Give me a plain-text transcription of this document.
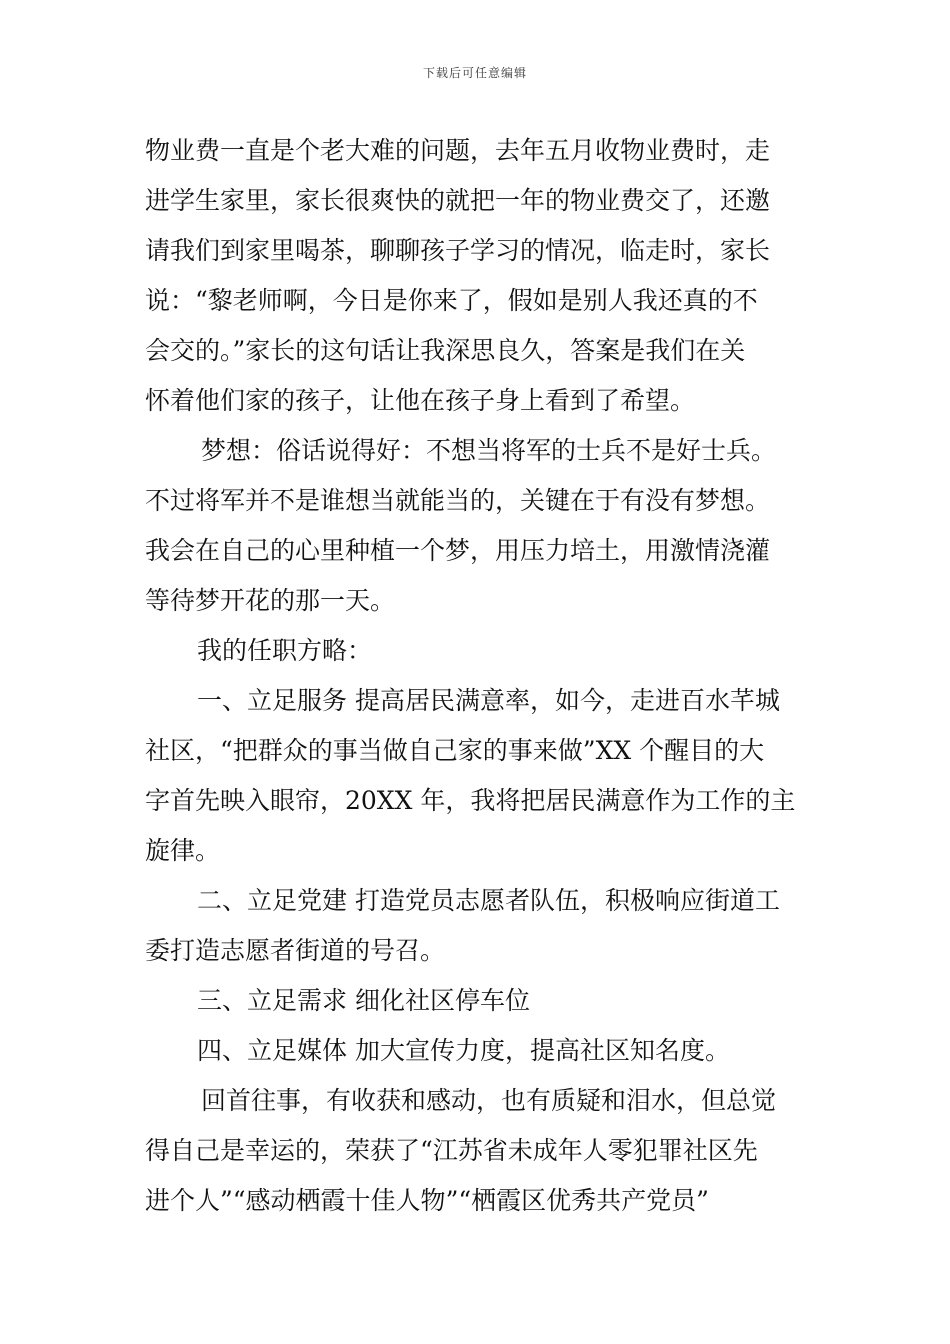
下载后可任意编辑
物业费一直是个老大难的问题，去年五月收物业费时，走
进学生家里，家长很爽快的就把一年的物业费交了，还邀
请我们到家里喝茶，聊聊孩子学习的情况，临走时，家长
说：“黎老师啊，今日是你来了，假如是别人我还真的不
会交的。”家长的这句话让我深思良久，答案是我们在关
怀着他们家的孩子，让他在孩子身上看到了希望。
梦想：俗话说得好：不想当将军的士兵不是好士兵。
不过将军并不是谁想当就能当的，关键在于有没有梦想。
我会在自己的心里种植一个梦，用压力培土，用激情浇灌
等待梦开花的那一天。
我的任职方略：
一、立足服务 提高居民满意率，如今，走进百水芊城
社区，“把群众的事当做自己家的事来做”XX 个醒目的大
字首先映入眼帘，20XX 年，我将把居民满意作为工作的主
旋律。
二、立足党建 打造党员志愿者队伍，积极响应街道工
委打造志愿者街道的号召。
三、立足需求 细化社区停车位
四、立足媒体 加大宣传力度，提高社区知名度。
回首往事，有收获和感动，也有质疑和泪水，但总觉
得自己是幸运的，荣获了“江苏省未成年人零犯罪社区先
进个人”“感动栖霞十佳人物”“栖霞区优秀共产党员”
